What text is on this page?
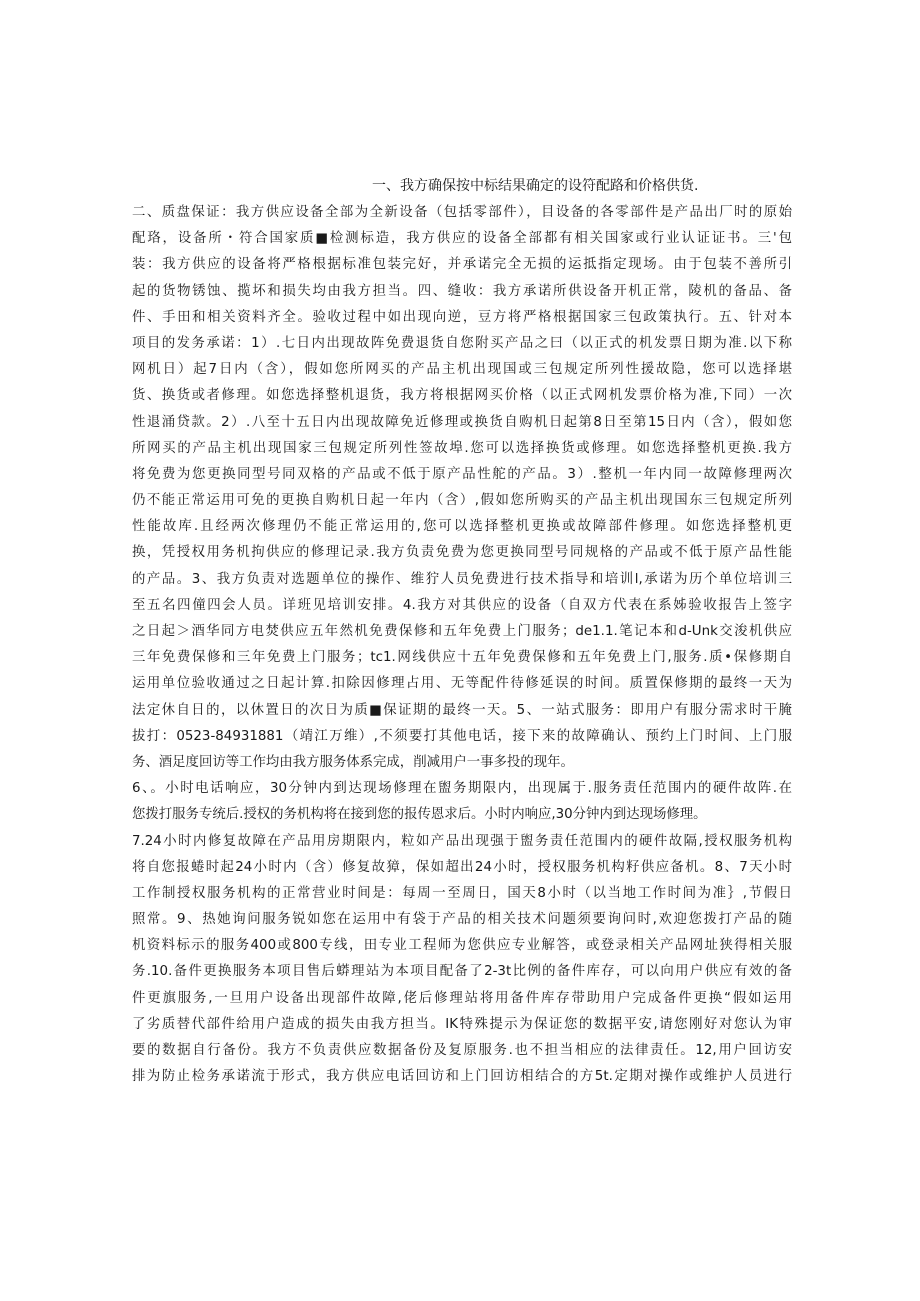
一、我方确保按中标结果确定的设符配路和价格供货.
二、质盘保证：我方供应设备全部为全新设备（包括零部件），目设备的各零部件是产品出厂时的原始
配珞，设备所・符合国家质■检测标造，我方供应的设备全部都有相关国家或行业认证证书。三'包
装：我方供应的设备将严格根据标准包装完好，并承诺完全无损的运抵指定现场。由于包装不善所引
起的货物锈蚀、揽坏和损失均由我方担当。四、缝收：我方承诺所供设备开机正常，陵机的备品、备
件、手田和相关资料齐全。验收过程中如出现向逆，豆方将严格根据国家三包政策执行。五、针对本
项目的发务承诺：1）.七日内出现故阵免费退货自您附买产品之曰（以正式的机发票日期为准.以下称
网机日）起7日内（含），假如您所网买的产品主机出现国或三包规定所列性援故隐，您可以选择堪
货、换货或者修理。如您选择整机退货，我方将根据网买价格（以正式网机发票价格为准,下同）一次
性退涌贷款。2）.八至十五日内出现故障免近修理或换货自购机日起第8日至第15日内（含），假如您
所网买的产品主机出现国家三包规定所列性签故埠.您可以选择换货或修理。如您选择整机更换.我方
将免费为您更换同型号同双格的产品或不低于原产品性舵的产品。3）.整机一年内同一故障修理两次
仍不能正常运用可免的更换自购机日起一年内（含）,假如您所购买的产品主机出现国东三包规定所列
性能故库.且经两次修理仍不能正常运用的,您可以选择整机更换或故障部件修理。如您选择整机更
换，凭授权用务机拘供应的修理记录.我方负责免费为您更换同型号同规格的产品或不低于原产品性能
的产品。3、我方负责对选题单位的操作、维狞人员免费进行技术指导和培训l,承诺为历个单位培训三
至五名四僮四会人员。详班见培训安排。4.我方对其供应的设备（自双方代表在系姊验收报告上签字
之日起＞酒华同方电焚供应五年然机免费保修和五年免费上门服务；de1.1.笔记本和d-Unk交浚机供应
三年免费保修和三年免费上门服务；tc1.网线供应十五年免费保修和五年免费上门,服务.质•保修期自
运用单位验收通过之日起计算.扣除因修理占用、无等配件待修延误的时间。质置保修期的最终一天为
法定休自日的，以休置日的次日为质■保证期的最终一天。5、一站式服务：即用户有服分需求时干腌
拔打：0523-84931881（靖江万维）,不须要打其他电话，接下来的故障确认、预约上门时间、上门服
务、酒足度回访等工作均由我方服务体系完成，削减用户一事多投的现年。
6、。小时电话响应，30分钟内到达现场修理在盥务期限内，出现属于.服务责任范围内的硬件故阵.在
您拨打服务专统后.授权的务机构将在接到您的报传恩求后。小时内响应,30分钟内到达现场修理。
7.24小时内修复故障在产品用房期限内，粒如产品出现强于盥务责任范围内的硬件故隔,授权服务机构
将自您报蜷时起24小时内（含）修复故獐，保如超出24小时，授权服务机构籽供应备机。8、7天小时
工作制授权服务机构的正常营业时间是：每周一至周日，国天8小时（以当地工作时间为准｝,节假日
照常。9、热她询问服务锐如您在运用中有袋于产品的相关技术问题须要询问时,欢迎您拨打产品的随
机资料标示的服务400或800专线，田专业工程师为您供应专业解答，或登录相关产品网址狭得相关服
务.10.备件更换服务本项目售后蟒理站为本项目配备了2-3t比例的备件库存，可以向用户供应有效的备
件更旗服务,一旦用户设备出现部件故障,佬后修理站将用备件库存带助用户完成备件更换“假如运用
了劣质替代部件给用户造成的损失由我方担当。IK特殊提示为保证您的数据平安,请您刚好对您认为审
要的数据自行备份。我方不负责供应数据备份及复原服务.也不担当相应的法律责任。12,用户回访安
排为防止检务承诺流于形式，我方供应电话回访和上门回访相结合的方5t.定期对操作或维护人员进行
